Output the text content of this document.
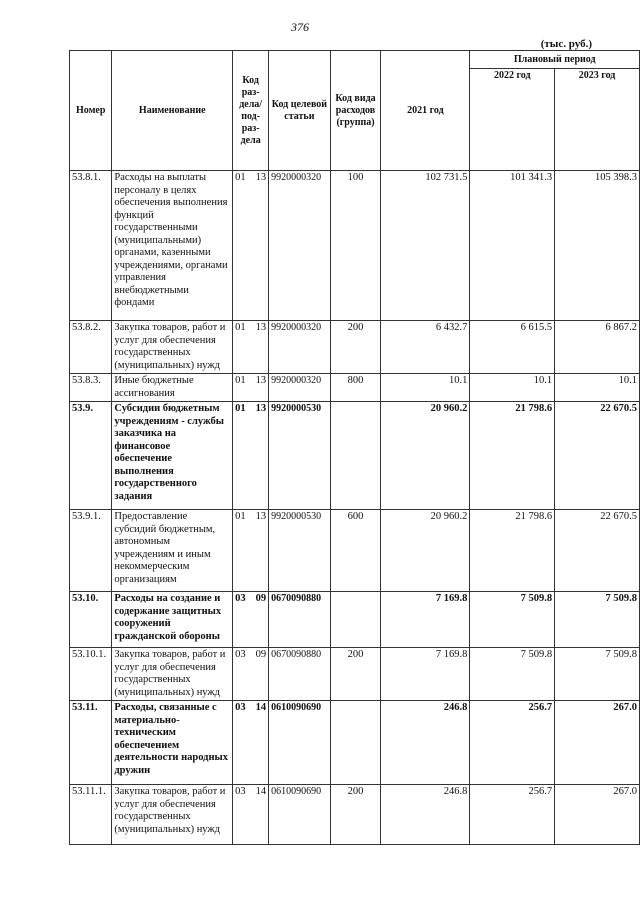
376
(тыс. руб.)
Номер	Наименование	Код раз-дела/ под-раз-дела	Код целевой статьи	Код вида расходов (группа)	2021 год	Плановый период	
						2022 год	2023 год
53.8.1.	Расходы на выплаты персоналу в целях обеспечения выполнения функций государственными (муниципальными) органами, казенными учреждениями, органами управления внебюджетными фондами	01 13	9920000320	100	102 731.5	101 341.3	105 398.3
53.8.2.	Закупка товаров, работ и услуг для обеспечения государственных (муниципальных) нужд	01 13	9920000320	200	6 432.7	6 615.5	6 867.2
53.8.3.	Иные бюджетные ассигнования	01 13	9920000320	800	10.1	10.1	10.1
53.9.	Субсидии бюджетным учреждениям - службы заказчика на финансовое обеспечение выполнения государственного задания	01 13	9920000530		20 960.2	21 798.6	22 670.5
53.9.1.	Предоставление субсидий бюджетным, автономным учреждениям и иным некоммерческим организациям	01 13	9920000530	600	20 960.2	21 798.6	22 670.5
53.10.	Расходы на создание и содержание защитных сооружений гражданской обороны	03 09	0670090880		7 169.8	7 509.8	7 509.8
53.10.1.	Закупка товаров, работ и услуг для обеспечения государственных (муниципальных) нужд	03 09	0670090880	200	7 169.8	7 509.8	7 509.8
53.11.	Расходы, связанные с материально-техническим обеспечением деятельности народных дружин	03 14	0610090690		246.8	256.7	267.0
53.11.1.	Закупка товаров, работ и услуг для обеспечения государственных (муниципальных) нужд	03 14	0610090690	200	246.8	256.7	267.0
